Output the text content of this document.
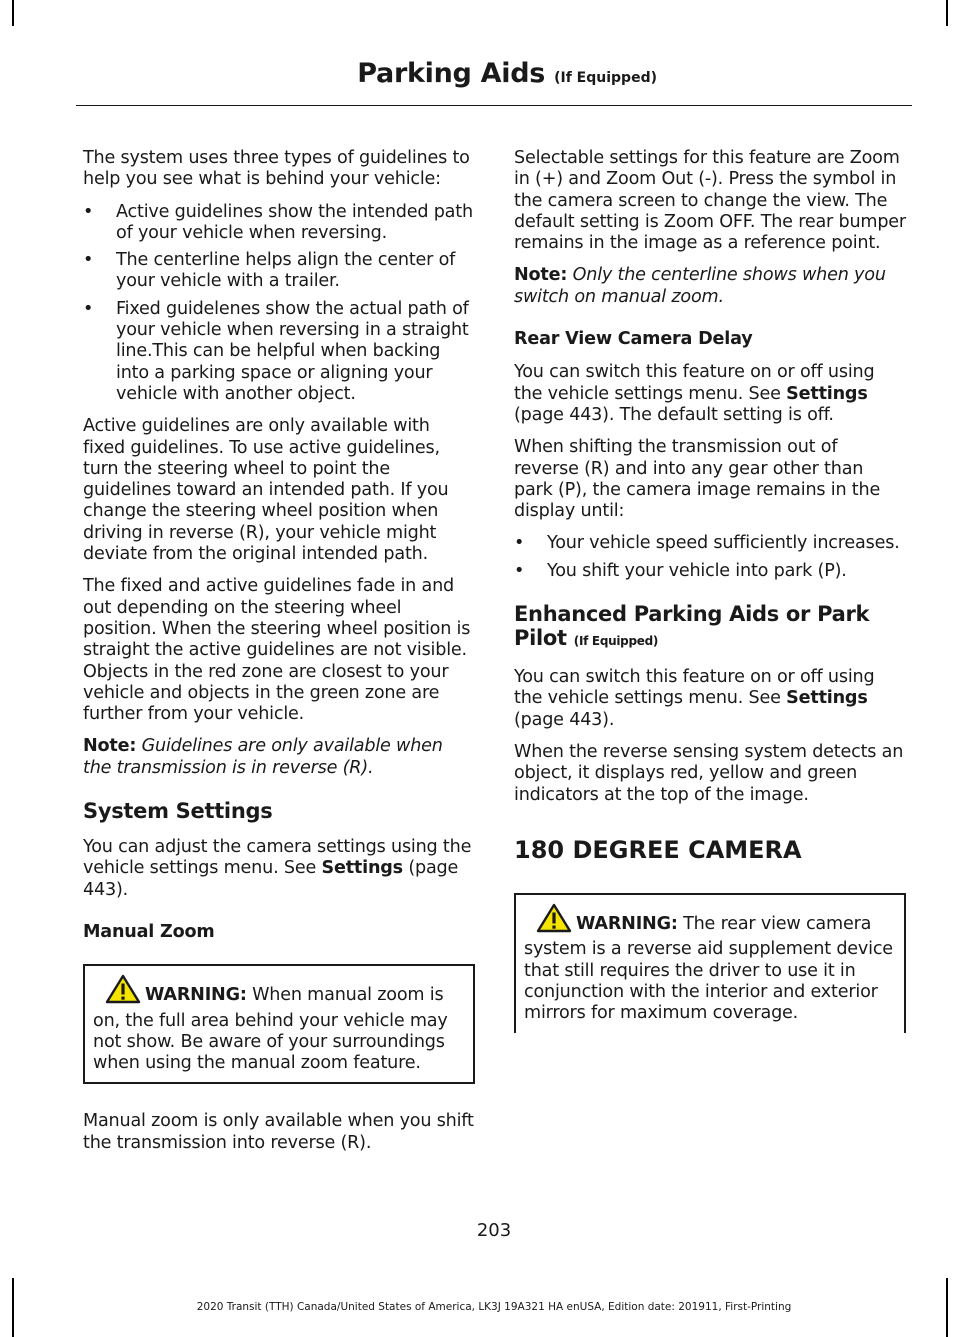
Parking Aids (If Equipped)

The system uses three types of guidelines to help you see what is behind your vehicle:

• Active guidelines show the intended path of your vehicle when reversing.
• The centerline helps align the center of your vehicle with a trailer.
• Fixed guidelenes show the actual path of your vehicle when reversing in a straight line.This can be helpful when backing into a parking space or aligning your vehicle with another object.

Active guidelines are only available with fixed guidelines. To use active guidelines, turn the steering wheel to point the guidelines toward an intended path. If you change the steering wheel position when driving in reverse (R), your vehicle might deviate from the original intended path.

The fixed and active guidelines fade in and out depending on the steering wheel position. When the steering wheel position is straight the active guidelines are not visible. Objects in the red zone are closest to your vehicle and objects in the green zone are further from your vehicle.

Note: Guidelines are only available when the transmission is in reverse (R).

System Settings

You can adjust the camera settings using the vehicle settings menu. See Settings (page 443).

Manual Zoom
WARNING: When manual zoom is on, the full area behind your vehicle may not show. Be aware of your surroundings when using the manual zoom feature.

Manual zoom is only available when you shift the transmission into reverse (R).

Selectable settings for this feature are Zoom in (+) and Zoom Out (-). Press the symbol in the camera screen to change the view. The default setting is Zoom OFF. The rear bumper remains in the image as a reference point.

Note: Only the centerline shows when you switch on manual zoom.

Rear View Camera Delay

You can switch this feature on or off using the vehicle settings menu. See Settings (page 443). The default setting is off.

When shifting the transmission out of reverse (R) and into any gear other than park (P), the camera image remains in the display until:

• Your vehicle speed sufficiently increases.
• You shift your vehicle into park (P).
Enhanced Parking Aids or Park Pilot (If Equipped)

You can switch this feature on or off using the vehicle settings menu. See Settings (page 443).

When the reverse sensing system detects an object, it displays red, yellow and green indicators at the top of the image.

180 DEGREE CAMERA
WARNING: The rear view camera system is a reverse aid supplement device that still requires the driver to use it in conjunction with the interior and exterior mirrors for maximum coverage.
203
2020 Transit (TTH) Canada/United States of America, LK3J 19A321 HA enUSA, Edition date: 201911, First-Printing
